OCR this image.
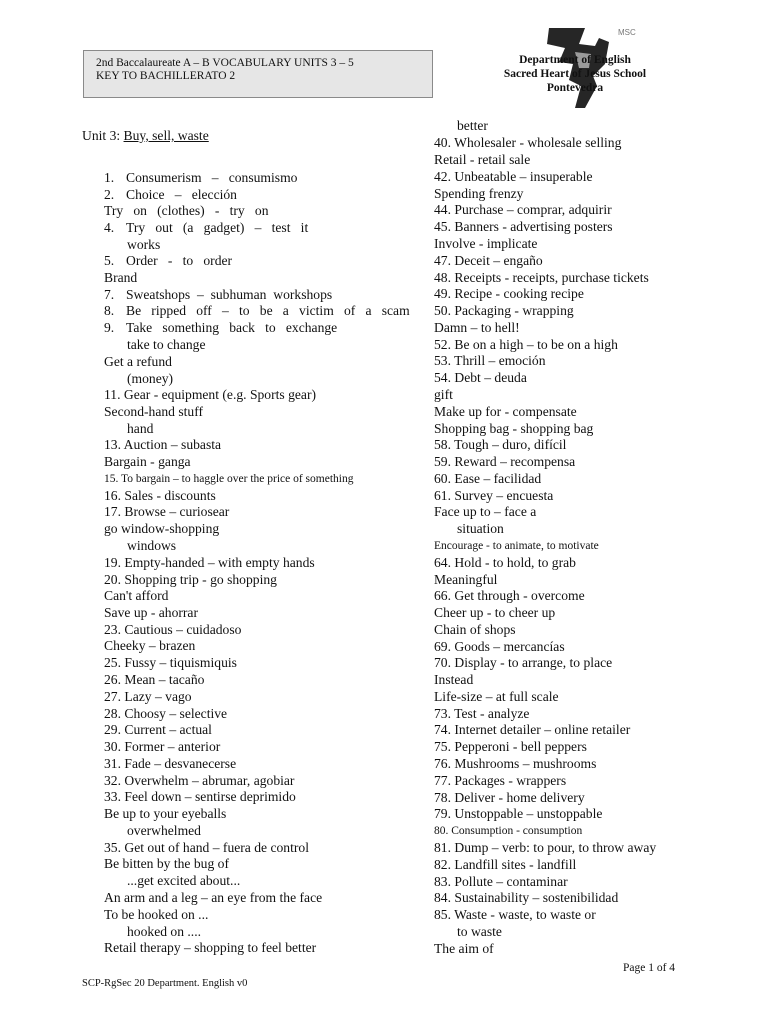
2nd Baccalaureate A – B VOCABULARY UNITS 3 – 5
KEY TO BACHILLERATO 2
MSC
Department of English
Sacred Heart of Jesus School
Pontevedra
Unit 3: Buy, sell, waste
1. Consumerism   –   consumismo
2. Choice   –   elección
Try   on   (clothes)   -   try   on
4. Try   out   (a   gadget)   –   test   it
works
5. Order   -   to   order
Brand
7. Sweatshops  –  subhuman  workshops
8. Be   ripped   off   –   to   be   a   victim   of   a   scam
9. Take   something   back   to   exchange
take to change
Get a refund
(money)
11. Gear - equipment (e.g. Sports gear)
Second-hand stuff
hand
13. Auction – subasta
Bargain - ganga
15. To bargain – to haggle over the price of something
16. Sales - discounts
17. Browse – curiosear
go window-shopping
windows
19. Empty-handed – with empty hands
20. Shopping trip - go shopping
Can't afford
Save up - ahorrar
23. Cautious – cuidadoso
Cheeky – brazen
25. Fussy – tiquismiquis
26. Mean – tacaño
27. Lazy – vago
28. Choosy – selective
29. Current – actual
30. Former – anterior
31. Fade – desvanecerse
32. Overwhelm – abrumar, agobiar
33. Feel down – sentirse deprimido
Be up to your eyeballs
overwhelmed
35. Get out of hand – fuera de control
Be bitten by the bug of
...get excited about...
An arm and a leg – an eye from the face
To be hooked on ...
hooked on ....
Retail therapy – shopping to feel better
better
40. Wholesaler - wholesale selling
Retail - retail sale
42. Unbeatable – insuperable
Spending frenzy
44. Purchase – comprar, adquirir
45. Banners - advertising posters
Involve - implicate
47. Deceit – engaño
48. Receipts - receipts, purchase tickets
49. Recipe - cooking recipe
50. Packaging - wrapping
Damn – to hell!
52. Be on a high – to be on a high
53. Thrill – emoción
54. Debt – deuda
gift
Make up for - compensate
Shopping bag - shopping bag
58. Tough – duro, difícil
59. Reward – recompensa
60. Ease – facilidad
61. Survey – encuesta
Face up to – face a
situation
Encourage - to animate, to motivate
64. Hold - to hold, to grab
Meaningful
66. Get through - overcome
Cheer up - to cheer up
Chain of shops
69. Goods – mercancías
70. Display - to arrange, to place
Instead
Life-size – at full scale
73. Test - analyze
74. Internet detailer – online retailer
75. Pepperoni - bell peppers
76. Mushrooms – mushrooms
77. Packages - wrappers
78. Deliver - home delivery
79. Unstoppable – unstoppable
80. Consumption - consumption
81. Dump – verb: to pour, to throw away
82. Landfill sites - landfill
83. Pollute – contaminar
84. Sustainability – sostenibilidad
85. Waste - waste, to waste or
to waste
The aim of
SCP-RgSec 20 Department. English v0
Page 1 of 4
